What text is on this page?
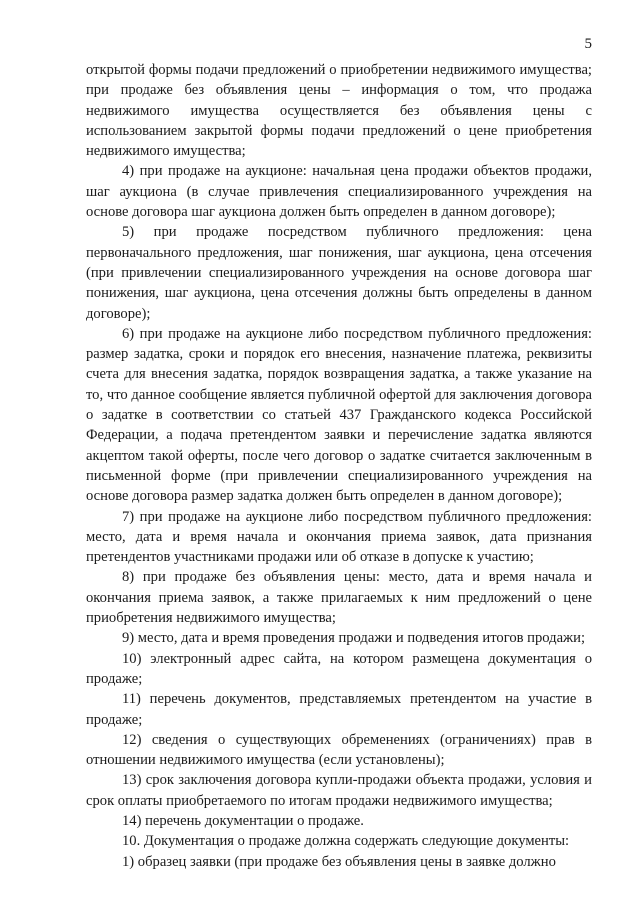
5

открытой формы подачи предложений о приобретении недвижимого имущества; при продаже без объявления цены – информация о том, что продажа недвижимого имущества осуществляется без объявления цены с использованием закрытой формы подачи предложений о цене приобретения недвижимого имущества;

4) при продаже на аукционе: начальная цена продажи объектов продажи, шаг аукциона (в случае привлечения специализированного учреждения на основе договора шаг аукциона должен быть определен в данном договоре);

5) при продаже посредством публичного предложения: цена первоначального предложения, шаг понижения, шаг аукциона, цена отсечения (при привлечении специализированного учреждения на основе договора шаг понижения, шаг аукциона, цена отсечения должны быть определены в данном договоре);

6) при продаже на аукционе либо посредством публичного предложения: размер задатка, сроки и порядок его внесения, назначение платежа, реквизиты счета для внесения задатка, порядок возвращения задатка, а также указание на то, что данное сообщение является публичной офертой для заключения договора о задатке в соответствии со статьей 437 Гражданского кодекса Российской Федерации, а подача претендентом заявки и перечисление задатка являются акцептом такой оферты, после чего договор о задатке считается заключенным в письменной форме (при привлечении специализированного учреждения на основе договора размер задатка должен быть определен в данном договоре);

7) при продаже на аукционе либо посредством публичного предложения: место, дата и время начала и окончания приема заявок, дата признания претендентов участниками продажи или об отказе в допуске к участию;

8) при продаже без объявления цены: место, дата и время начала и окончания приема заявок, а также прилагаемых к ним предложений о цене приобретения недвижимого имущества;

9) место, дата и время проведения продажи и подведения итогов продажи;

10) электронный адрес сайта, на котором размещена документация о продаже;

11) перечень документов, представляемых претендентом на участие в продаже;

12) сведения о существующих обременениях (ограничениях) прав в отношении недвижимого имущества (если установлены);

13) срок заключения договора купли-продажи объекта продажи, условия и срок оплаты приобретаемого по итогам продажи недвижимого имущества;

14) перечень документации о продаже.

10. Документация о продаже должна содержать следующие документы:

1) образец заявки (при продаже без объявления цены в заявке должно
